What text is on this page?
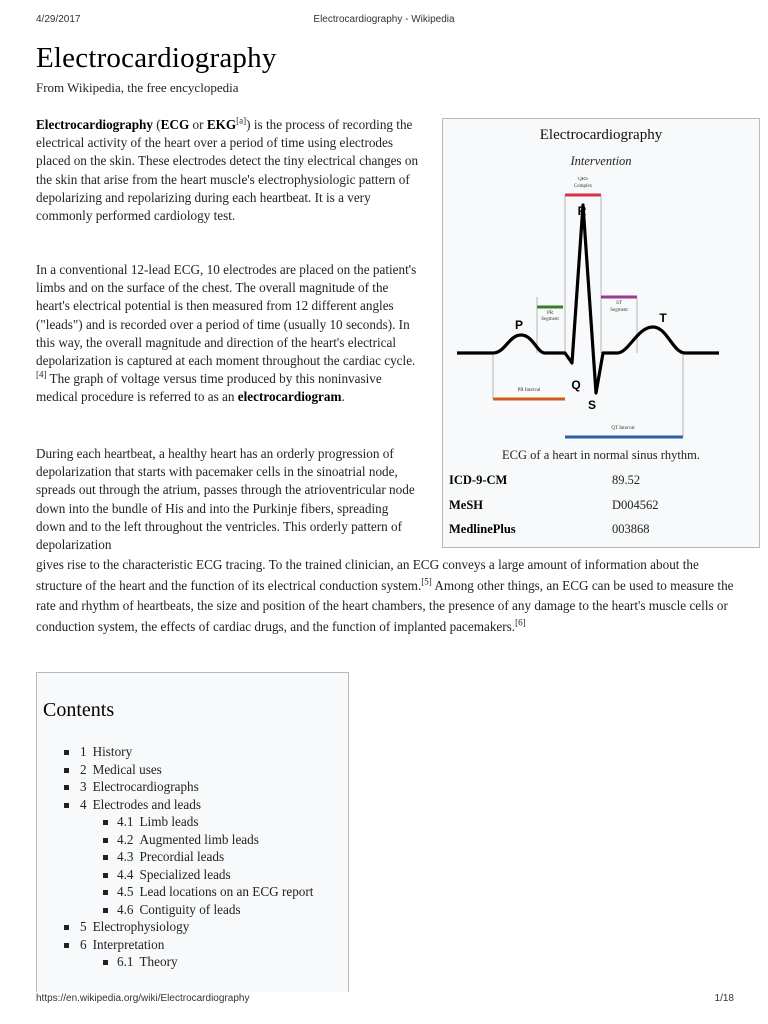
4/29/2017	Electrocardiography - Wikipedia
Electrocardiography
From Wikipedia, the free encyclopedia

Electrocardiography (ECG or EKG[a]) is the process of recording the electrical activity of the heart over a period of time using electrodes placed on the skin. These electrodes detect the tiny electrical changes on the skin that arise from the heart muscle's electrophysiologic pattern of depolarizing and repolarizing during each heartbeat. It is a very commonly performed cardiology test.

In a conventional 12-lead ECG, 10 electrodes are placed on the patient's limbs and on the surface of the chest. The overall magnitude of the heart's electrical potential is then measured from 12 different angles ("leads") and is recorded over a period of time (usually 10 seconds). In this way, the overall magnitude and direction of the heart's electrical depolarization is captured at each moment throughout the cardiac cycle.[4] The graph of voltage versus time produced by this noninvasive medical procedure is referred to as an electrocardiogram.

During each heartbeat, a healthy heart has an orderly progression of depolarization that starts with pacemaker cells in the sinoatrial node, spreads out through the atrium, passes through the atrioventricular node down into the bundle of His and into the Purkinje fibers, spreading down and to the left throughout the ventricles. This orderly pattern of depolarization

gives rise to the characteristic ECG tracing. To the trained clinician, an ECG conveys a large amount of information about the structure of the heart and the function of its electrical conduction system.[5] Among other things, an ECG can be used to measure the rate and rhythm of heartbeats, the size and position of the heart chambers, the presence of any damage to the heart's muscle cells or conduction system, the effects of cardiac drugs, and the function of implanted pacemakers.[6]

Electrocardiography
Intervention
QRS
Complex
PR
Segment
ST
Segment
PR Interval
QT Interval
P
Q
R
S
T
ECG of a heart in normal sinus rhythm.
ICD-9-CM	89.52
MeSH	D004562
MedlinePlus	003868
Contents
1 History
2 Medical uses
3 Electrocardiographs
4 Electrodes and leads
4.1 Limb leads
4.2 Augmented limb leads
4.3 Precordial leads
4.4 Specialized leads
4.5 Lead locations on an ECG report
4.6 Contiguity of leads
5 Electrophysiology
6 Interpretation
6.1 Theory
https://en.wikipedia.org/wiki/Electrocardiography	1/18
